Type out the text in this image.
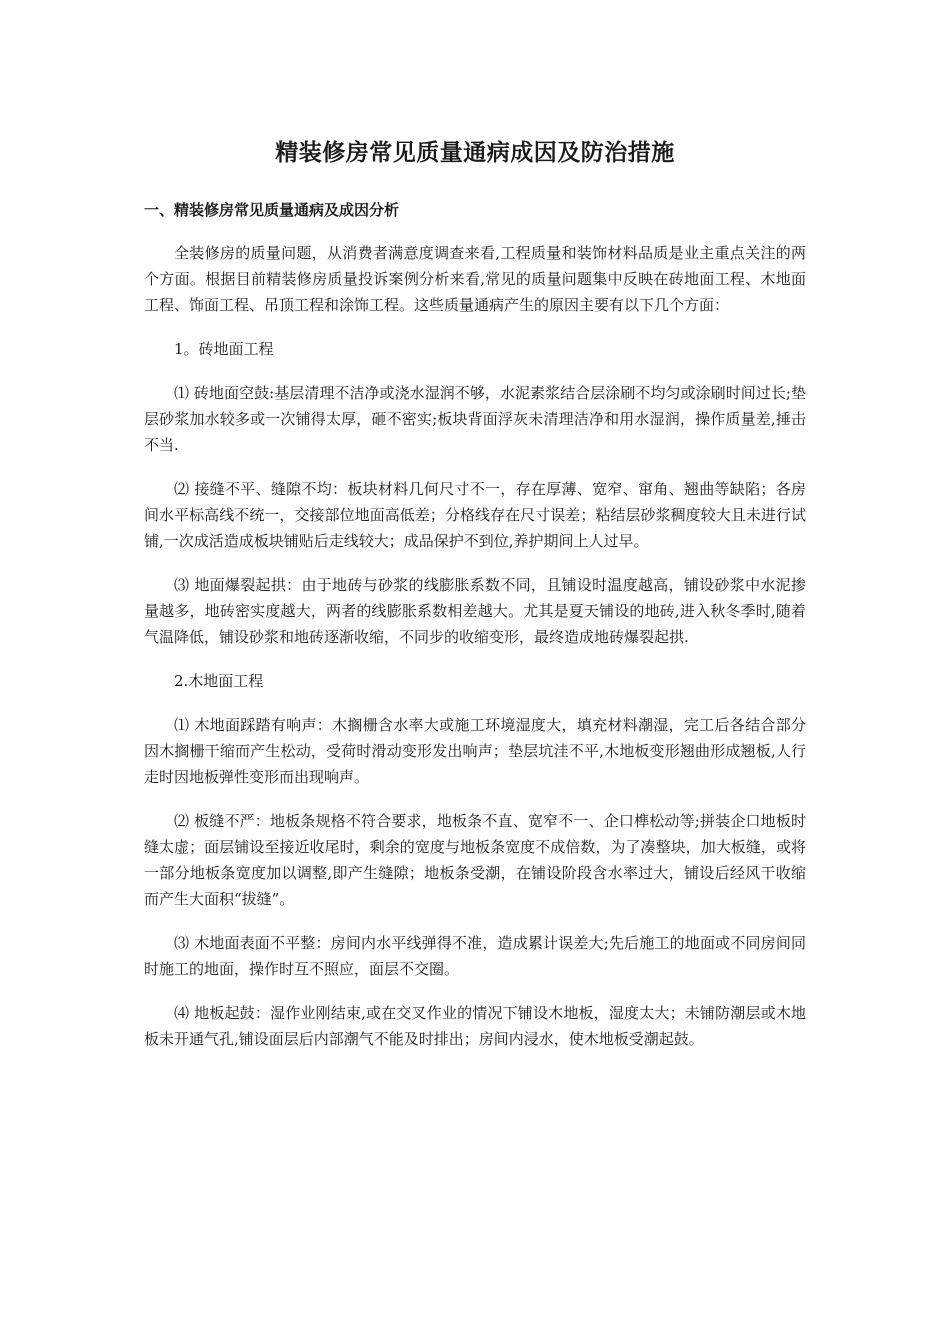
精装修房常见质量通病成因及防治措施
一、精装修房常见质量通病及成因分析

全装修房的质量问题，从消费者满意度调查来看,工程质量和装饰材料品质是业主重点关注的两个方面。根据目前精装修房质量投诉案例分析来看,常见的质量问题集中反映在砖地面工程、木地面工程、饰面工程、吊顶工程和涂饰工程。这些质量通病产生的原因主要有以下几个方面：

1。砖地面工程

⑴ 砖地面空鼓:基层清理不洁净或浇水湿润不够，水泥素浆结合层涂刷不均匀或涂刷时间过长;垫层砂浆加水较多或一次铺得太厚，砸不密实;板块背面浮灰未清理洁净和用水湿润，操作质量差,捶击不当.

⑵ 接缝不平、缝隙不均：板块材料几何尺寸不一，存在厚薄、宽窄、窜角、翘曲等缺陷；各房间水平标高线不统一，交接部位地面高低差；分格线存在尺寸误差；粘结层砂浆稠度较大且未进行试铺,一次成活造成板块铺贴后走线较大；成品保护不到位,养护期间上人过早。

⑶ 地面爆裂起拱：由于地砖与砂浆的线膨胀系数不同，且铺设时温度越高，铺设砂浆中水泥掺量越多，地砖密实度越大，两者的线膨胀系数相差越大。尤其是夏天铺设的地砖,进入秋冬季时,随着气温降低，铺设砂浆和地砖逐渐收缩，不同步的收缩变形，最终造成地砖爆裂起拱.

2.木地面工程

⑴ 木地面踩踏有响声：木搁栅含水率大或施工环境湿度大，填充材料潮湿，完工后各结合部分因木搁栅干缩而产生松动，受荷时滑动变形发出响声；垫层坑洼不平,木地板变形翘曲形成翘板,人行走时因地板弹性变形而出现响声。

⑵ 板缝不严：地板条规格不符合要求，地板条不直、宽窄不一、企口榫松动等;拼装企口地板时缝太虚；面层铺设至接近收尾时，剩余的宽度与地板条宽度不成倍数，为了凑整块，加大板缝，或将一部分地板条宽度加以调整,即产生缝隙；地板条受潮，在铺设阶段含水率过大，铺设后经风干收缩而产生大面积“拔缝”。

⑶ 木地面表面不平整：房间内水平线弹得不准，造成累计误差大;先后施工的地面或不同房间同时施工的地面，操作时互不照应，面层不交圈。

⑷ 地板起鼓：湿作业刚结束,或在交叉作业的情况下铺设木地板，湿度太大；未铺防潮层或木地板未开通气孔,铺设面层后内部潮气不能及时排出；房间内浸水，使木地板受潮起鼓。
